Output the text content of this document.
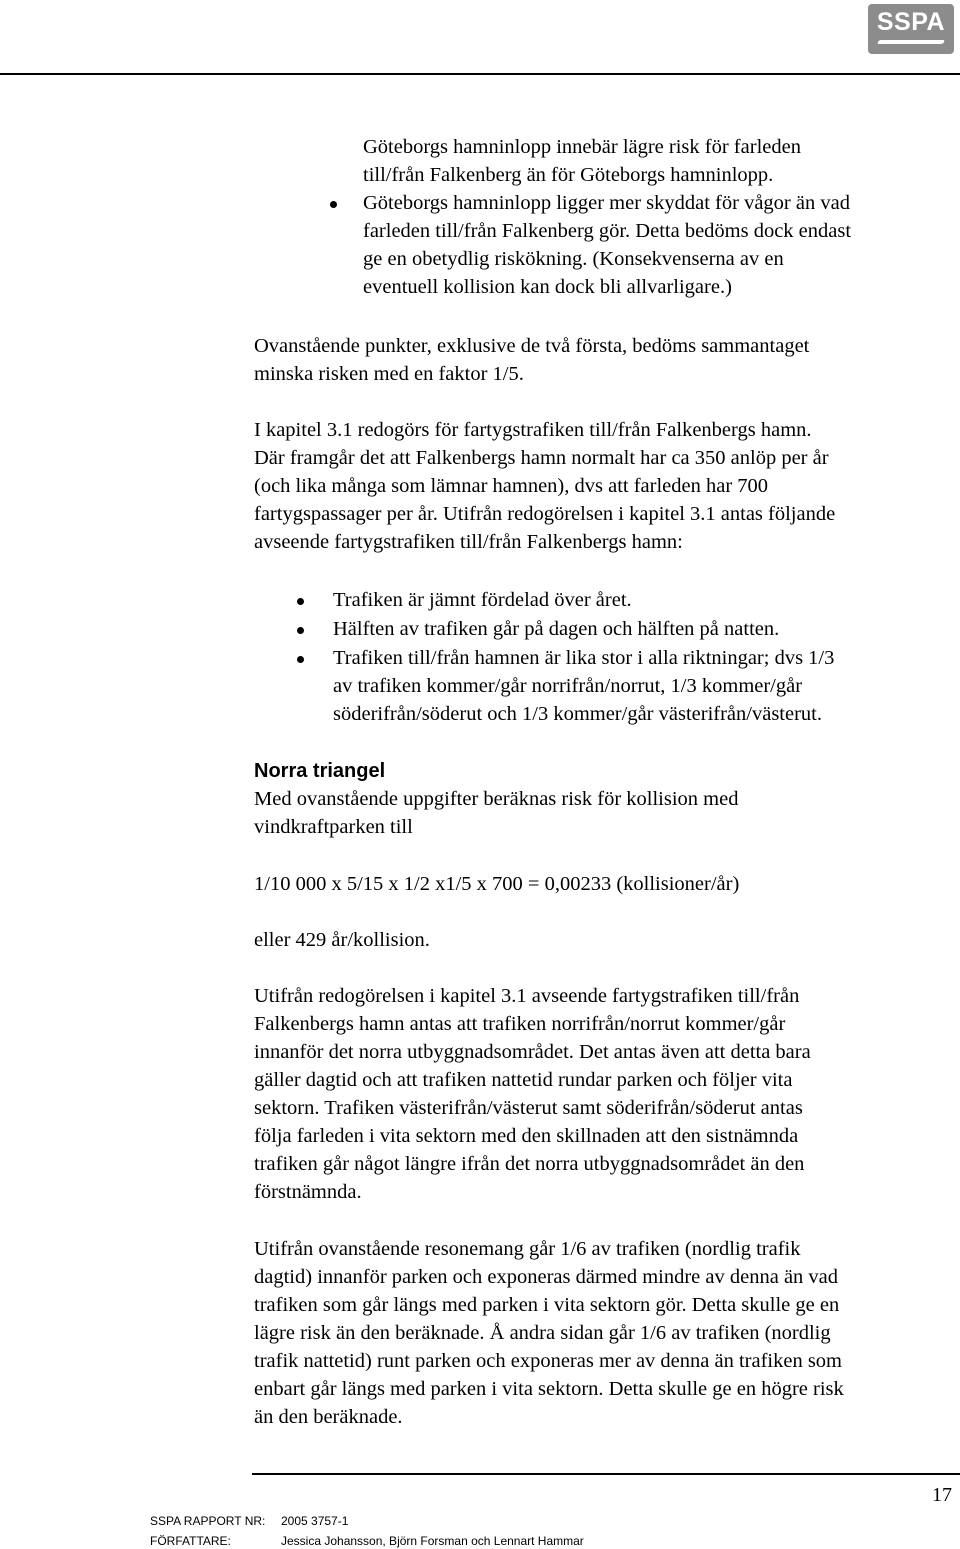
SSPA
Göteborgs hamninlopp innebär lägre risk för farleden
till/från Falkenberg än för Göteborgs hamninlopp.
Göteborgs hamninlopp ligger mer skyddat för vågor än vad
farleden till/från Falkenberg gör. Detta bedöms dock endast
ge en obetydlig riskökning. (Konsekvenserna av en
eventuell kollision kan dock bli allvarligare.)
Ovanstående punkter, exklusive de två första, bedöms sammantaget
minska risken med en faktor 1/5.
I kapitel 3.1 redogörs för fartygstrafiken till/från Falkenbergs hamn.
Där framgår det att Falkenbergs hamn normalt har ca 350 anlöp per år
(och lika många som lämnar hamnen), dvs att farleden har 700
fartygspassager per år. Utifrån redogörelsen i kapitel 3.1 antas följande
avseende fartygstrafiken till/från Falkenbergs hamn:
Trafiken är jämnt fördelad över året.
Hälften av trafiken går på dagen och hälften på natten.
Trafiken till/från hamnen är lika stor i alla riktningar; dvs 1/3
av trafiken kommer/går norrifrån/norrut, 1/3 kommer/går
söderifrån/söderut och 1/3 kommer/går västerifrån/västerut.
Norra triangel
Med ovanstående uppgifter beräknas risk för kollision med
vindkraftparken till
1/10 000 x 5/15 x 1/2 x1/5 x 700 = 0,00233 (kollisioner/år)
eller 429 år/kollision.
Utifrån redogörelsen i kapitel 3.1 avseende fartygstrafiken till/från
Falkenbergs hamn antas att trafiken norrifrån/norrut kommer/går
innanför det norra utbyggnadsområdet. Det antas även att detta bara
gäller dagtid och att trafiken nattetid rundar parken och följer vita
sektorn. Trafiken västerifrån/västerut samt söderifrån/söderut antas
följa farleden i vita sektorn med den skillnaden att den sistnämnda
trafiken går något längre ifrån det norra utbyggnadsområdet än den
förstnämnda.
Utifrån ovanstående resonemang går 1/6 av trafiken (nordlig trafik
dagtid) innanför parken och exponeras därmed mindre av denna än vad
trafiken som går längs med parken i vita sektorn gör. Detta skulle ge en
lägre risk än den beräknade. Å andra sidan går 1/6 av trafiken (nordlig
trafik nattetid) runt parken och exponeras mer av denna än trafiken som
enbart går längs med parken i vita sektorn. Detta skulle ge en högre risk
än den beräknade.
17
SSPA RAPPORT NR: 2005 3757-1
FÖRFATTARE:	Jessica Johansson, Björn Forsman och Lennart Hammar
